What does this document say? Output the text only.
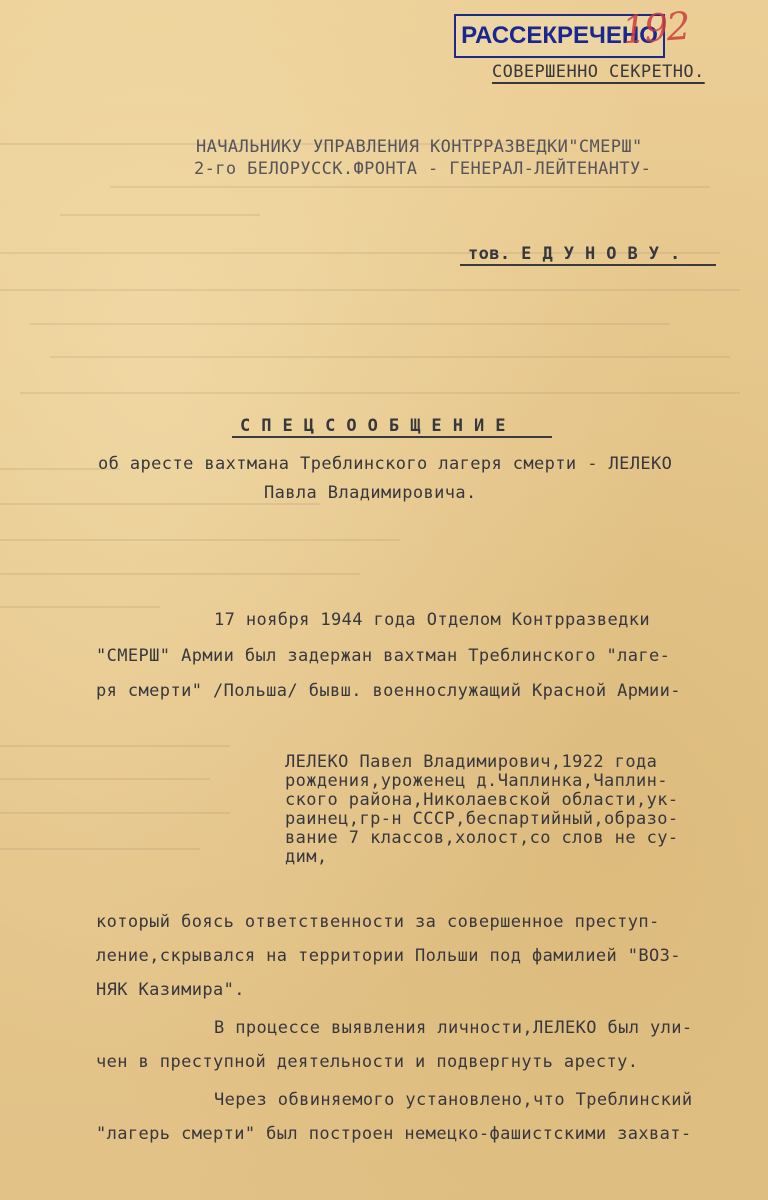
РАССЕКРЕЧЕНО
192
СОВЕРШЕННО СЕКРЕТНО.
НАЧАЛЬНИКУ УПРАВЛЕНИЯ КОНТРРАЗВЕДКИ"СМЕРШ"
2-го БЕЛОРУССК.ФРОНТА - ГЕНЕРАЛ-ЛЕЙТЕНАНТУ-
тов. Е Д У Н О В У .
С П Е Ц С О О Б Щ Е Н И Е
об аресте вахтмана Треблинского лагеря смерти - ЛЕЛЕКО
Павла Владимировича.
17 ноября 1944 года Отделом Контрразведки
"СМЕРШ" Армии был задержан вахтман Треблинского "лаге-
ря смерти" /Польша/ бывш. военнослужащий Красной Армии-
ЛЕЛЕКО Павел Владимирович,1922 года
рождения,уроженец д.Чаплинка,Чаплин-
ского района,Николаевской области,ук-
раинец,гр-н СССР,беспартийный,образо-
вание 7 классов,холост,со слов не су-
дим,
который боясь ответственности за совершенное преступ-
ление,скрывался на территории Польши под фамилией "ВОЗ-
НЯК Казимира".
В процессе выявления личности,ЛЕЛЕКО был ули-
чен в преступной деятельности и подвергнуть аресту.
Через обвиняемого установлено,что Треблинский
"лагерь смерти" был построен немецко-фашистскими захват-
